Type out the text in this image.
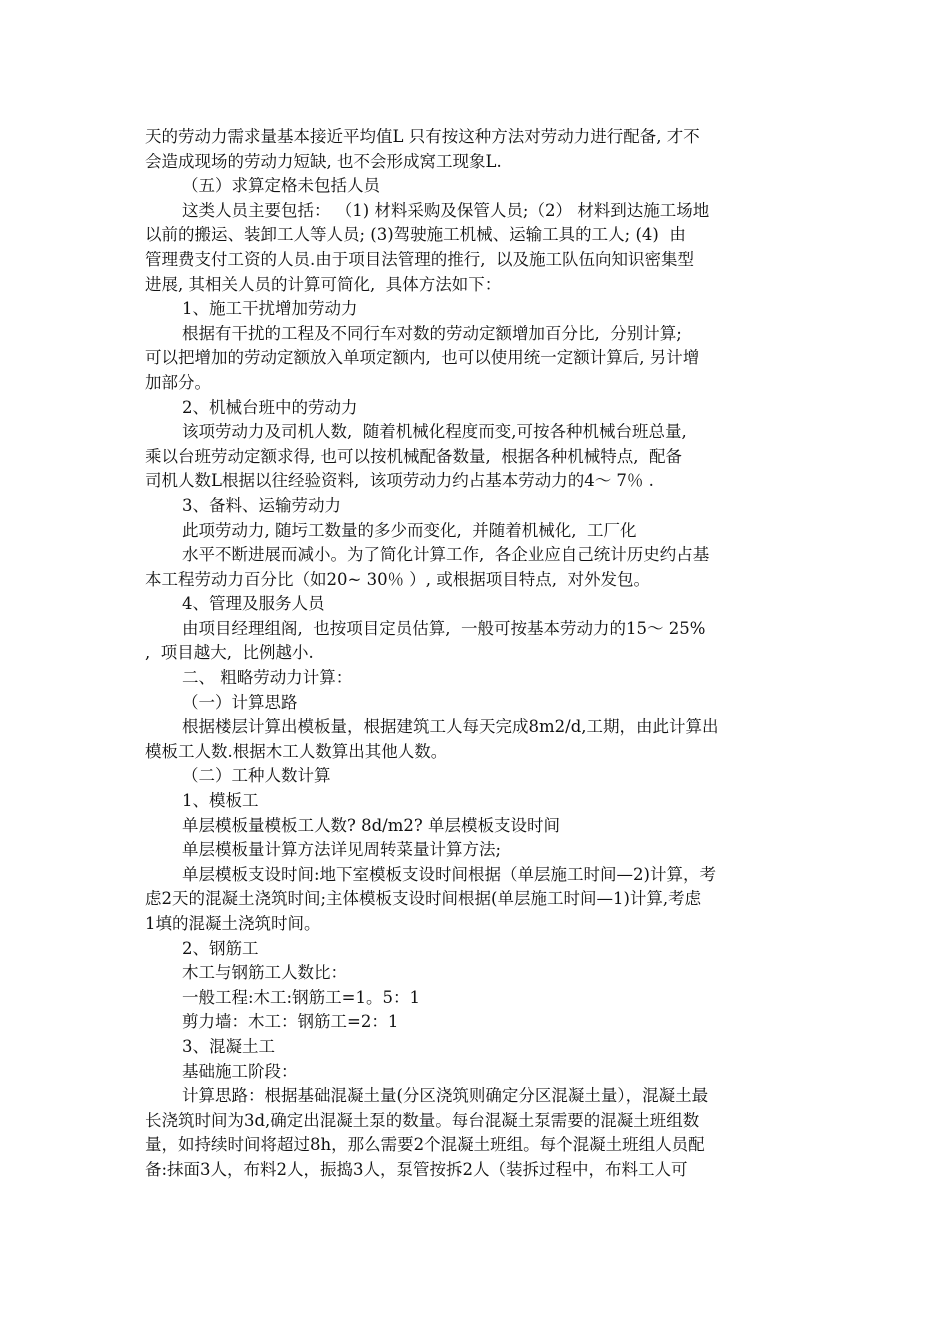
天的劳动力需求量基本接近平均值L 只有按这种方法对劳动力进行配备, 才不
会造成现场的劳动力短缺, 也不会形成窝工现象L.
（五）求算定格未包括人员
这类人员主要包括： （1) 材料采购及保管人员;（2） 材料到达施工场地
以前的搬运、装卸工人等人员; (3)驾驶施工机械、运输工具的工人; (4)  由
管理费支付工资的人员.由于项目法管理的推行,  以及施工队伍向知识密集型
进展, 其相关人员的计算可简化,  具体方法如下：
1、施工干扰增加劳动力
根据有干扰的工程及不同行车对数的劳动定额增加百分比,  分别计算;
可以把增加的劳动定额放入单项定额内,  也可以使用统一定额计算后, 另计增
加部分。
2、机械台班中的劳动力
该项劳动力及司机人数,  随着机械化程度而变,可按各种机械台班总量,
乘以台班劳动定额求得, 也可以按机械配备数量,  根据各种机械特点,  配备
司机人数L根据以往经验资料,  该项劳动力约占基本劳动力的4～ 7％ .
3、备料、运输劳动力
此项劳动力, 随圬工数量的多少而变化,  并随着机械化,  工厂化
水平不断进展而减小。为了简化计算工作,  各企业应自己统计历史约占基
本工程劳动力百分比（如20~ 30％ ）, 或根据项目特点,  对外发包。
4、管理及服务人员
由项目经理组阁,  也按项目定员估算,  一般可按基本劳动力的15～ 25%
,  项目越大,  比例越小.
二、 粗略劳动力计算：
（一）计算思路
根据楼层计算出模板量，根据建筑工人每天完成8m2/d,工期，由此计算出
模板工人数.根据木工人数算出其他人数。
（二）工种人数计算
1、模板工
单层模板量模板工人数? 8d/m2? 单层模板支设时间
单层模板量计算方法详见周转菜量计算方法;
单层模板支设时间:地下室模板支设时间根据（单层施工时间—2)计算，考
虑2天的混凝土浇筑时间;主体模板支设时间根据(单层施工时间—1)计算,考虑
1填的混凝土浇筑时间。
2、钢筋工
木工与钢筋工人数比：
一般工程:木工:钢筋工=1。5：1
剪力墙：木工：钢筋工=2：1
3、混凝土工
基础施工阶段：
计算思路：根据基础混凝土量(分区浇筑则确定分区混凝土量），混凝土最
长浇筑时间为3d,确定出混凝土泵的数量。每台混凝土泵需要的混凝土班组数
量，如持续时间将超过8h，那么需要2个混凝土班组。每个混凝土班组人员配
备:抹面3人，布料2人，振捣3人，泵管按拆2人（装拆过程中，布料工人可
